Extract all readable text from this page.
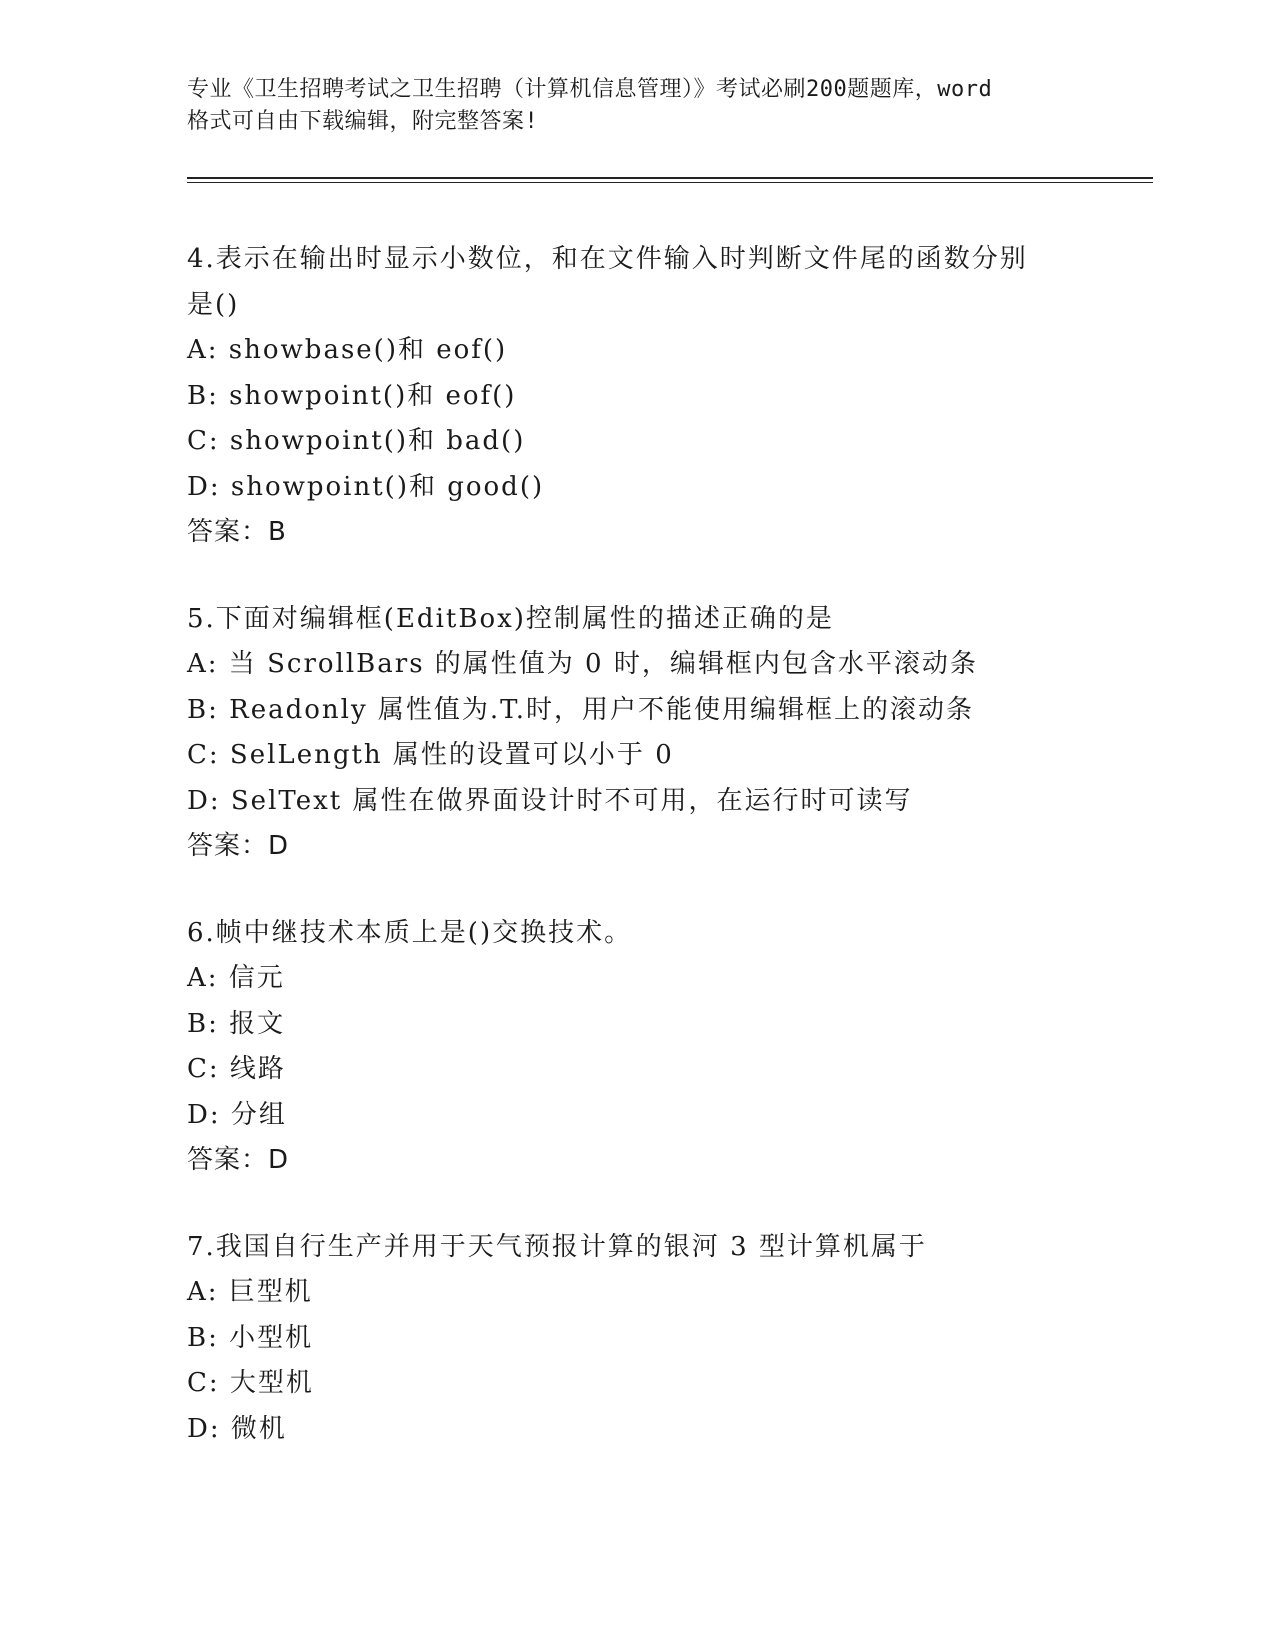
专业《卫生招聘考试之卫生招聘（计算机信息管理）》考试必刷200题题库，word
格式可自由下载编辑，附完整答案!
4.表示在输出时显示小数位，和在文件输入时判断文件尾的函数分别
是()
A: showbase()和 eof()
B: showpoint()和 eof()
C: showpoint()和 bad()
D: showpoint()和 good()
答案：B
5.下面对编辑框(EditBox)控制属性的描述正确的是
A: 当 ScrollBars 的属性值为 0 时，编辑框内包含水平滚动条
B: Readonly 属性值为.T.时，用户不能使用编辑框上的滚动条
C: SelLength 属性的设置可以小于 0
D: SelText 属性在做界面设计时不可用，在运行时可读写
答案：D
6.帧中继技术本质上是()交换技术。
A: 信元
B: 报文
C: 线路
D: 分组
答案：D
7.我国自行生产并用于天气预报计算的银河 3 型计算机属于
A: 巨型机
B: 小型机
C: 大型机
D: 微机
